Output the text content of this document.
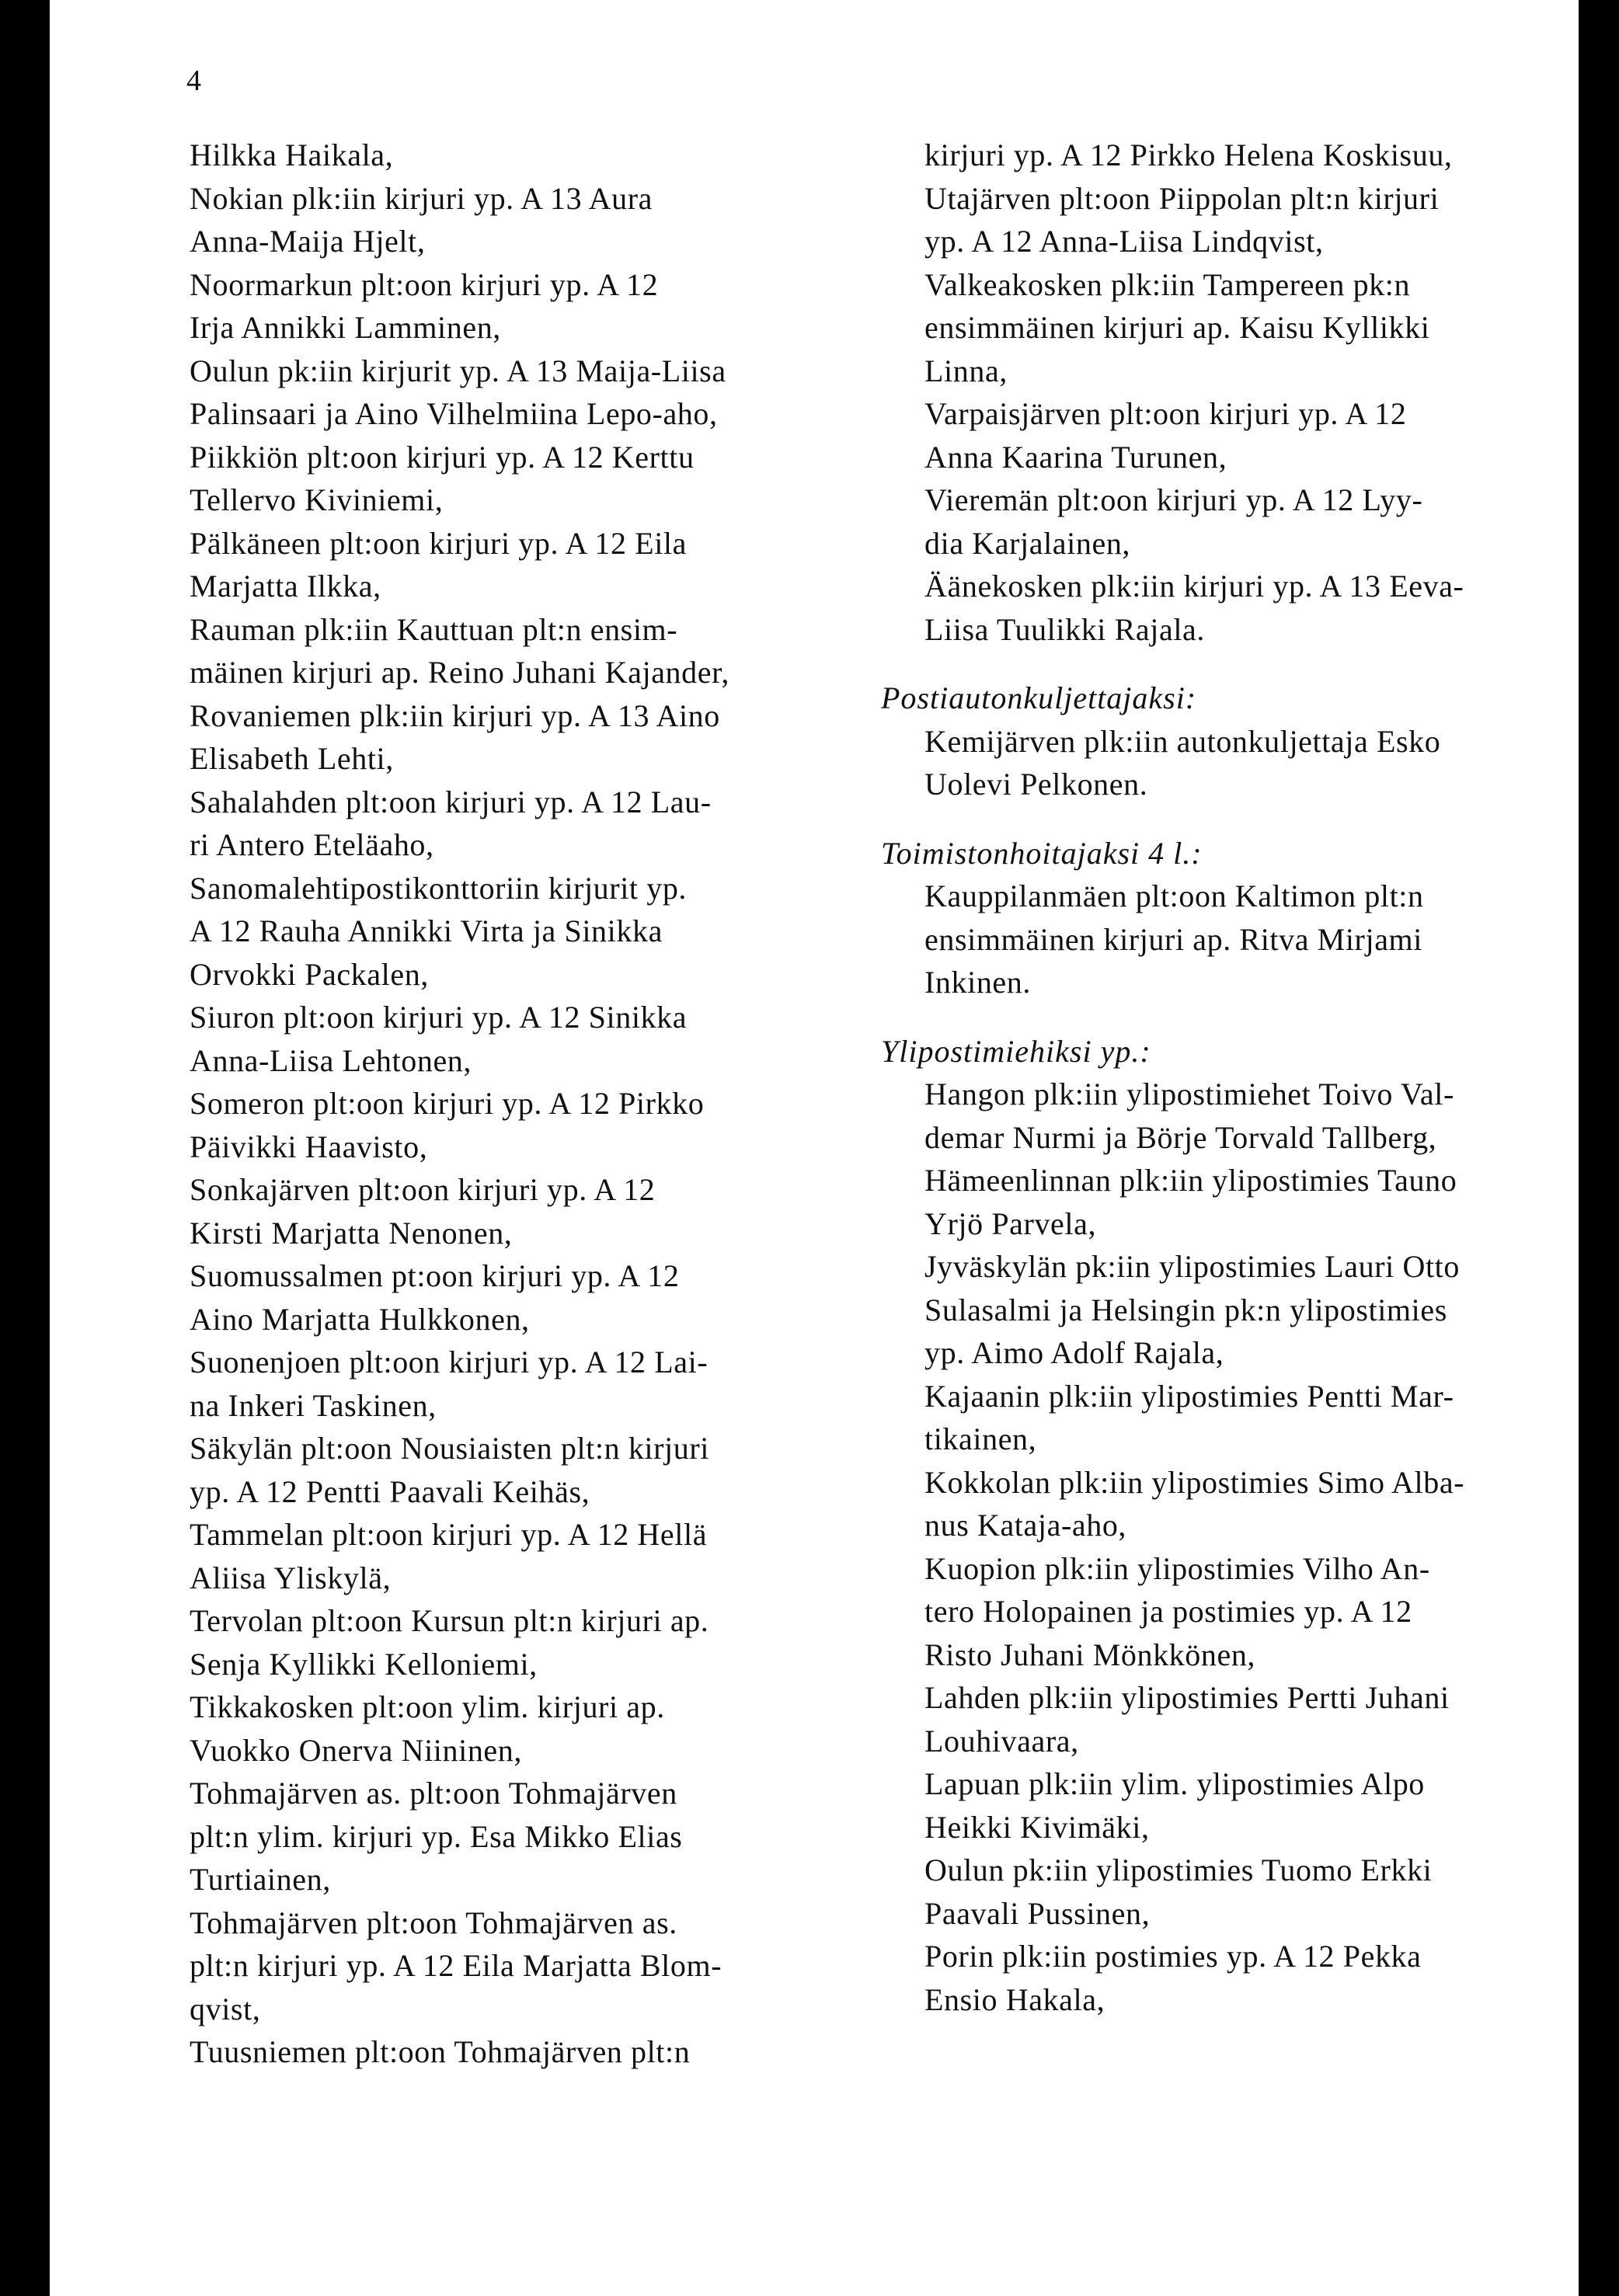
4
Hilkka Haikala,
Nokian plk:iin kirjuri yp. A 13 Aura
Anna-Maija Hjelt,
Noormarkun plt:oon kirjuri yp. A 12
Irja Annikki Lamminen,
Oulun pk:iin kirjurit yp. A 13 Maija-Liisa
Palinsaari ja Aino Vilhelmiina Lepo-aho,
Piikkiön plt:oon kirjuri yp. A 12 Kerttu
Tellervo Kiviniemi,
Pälkäneen plt:oon kirjuri yp. A 12 Eila
Marjatta Ilkka,
Rauman plk:iin Kauttuan plt:n ensim-
mäinen kirjuri ap. Reino Juhani Kajander,
Rovaniemen plk:iin kirjuri yp. A 13 Aino
Elisabeth Lehti,
Sahalahden plt:oon kirjuri yp. A 12 Lau-
ri Antero Eteläaho,
Sanomalehtipostikonttoriin kirjurit yp.
A 12 Rauha Annikki Virta ja Sinikka
Orvokki Packalen,
Siuron plt:oon kirjuri yp. A 12 Sinikka
Anna-Liisa Lehtonen,
Someron plt:oon kirjuri yp. A 12 Pirkko
Päivikki Haavisto,
Sonkajärven plt:oon kirjuri yp. A 12
Kirsti Marjatta Nenonen,
Suomussalmen pt:oon kirjuri yp. A 12
Aino Marjatta Hulkkonen,
Suonenjoen plt:oon kirjuri yp. A 12 Lai-
na Inkeri Taskinen,
Säkylän plt:oon Nousiaisten plt:n kirjuri
yp. A 12 Pentti Paavali Keihäs,
Tammelan plt:oon kirjuri yp. A 12 Hellä
Aliisa Yliskylä,
Tervolan plt:oon Kursun plt:n kirjuri ap.
Senja Kyllikki Kelloniemi,
Tikkakosken plt:oon ylim. kirjuri ap.
Vuokko Onerva Niininen,
Tohmajärven as. plt:oon Tohmajärven
plt:n ylim. kirjuri yp. Esa Mikko Elias
Turtiainen,
Tohmajärven plt:oon Tohmajärven as.
plt:n kirjuri yp. A 12 Eila Marjatta Blom-
qvist,
Tuusniemen plt:oon Tohmajärven plt:n
kirjuri yp. A 12 Pirkko Helena Koskisuu,
Utajärven plt:oon Piippolan plt:n kirjuri
yp. A 12 Anna-Liisa Lindqvist,
Valkeakosken plk:iin Tampereen pk:n
ensimmäinen kirjuri ap. Kaisu Kyllikki
Linna,
Varpaisjärven plt:oon kirjuri yp. A 12
Anna Kaarina Turunen,
Vieremän plt:oon kirjuri yp. A 12 Lyy-
dia Karjalainen,
Äänekosken plk:iin kirjuri yp. A 13 Eeva-
Liisa Tuulikki Rajala.
Postiautonkuljettajaksi:
Kemijärven plk:iin autonkuljettaja Esko
Uolevi Pelkonen.
Toimistonhoitajaksi 4 l.:
Kauppilanmäen plt:oon Kaltimon plt:n
ensimmäinen kirjuri ap. Ritva Mirjami
Inkinen.
Ylipostimiehiksi yp.:
Hangon plk:iin ylipostimiehet Toivo Val-
demar Nurmi ja Börje Torvald Tallberg,
Hämeenlinnan plk:iin ylipostimies Tauno
Yrjö Parvela,
Jyväskylän pk:iin ylipostimies Lauri Otto
Sulasalmi ja Helsingin pk:n ylipostimies
yp. Aimo Adolf Rajala,
Kajaanin plk:iin ylipostimies Pentti Mar-
tikainen,
Kokkolan plk:iin ylipostimies Simo Alba-
nus Kataja-aho,
Kuopion plk:iin ylipostimies Vilho An-
tero Holopainen ja postimies yp. A 12
Risto Juhani Mönkkönen,
Lahden plk:iin ylipostimies Pertti Juhani
Louhivaara,
Lapuan plk:iin ylim. ylipostimies Alpo
Heikki Kivimäki,
Oulun pk:iin ylipostimies Tuomo Erkki
Paavali Pussinen,
Porin plk:iin postimies yp. A 12 Pekka
Ensio Hakala,
